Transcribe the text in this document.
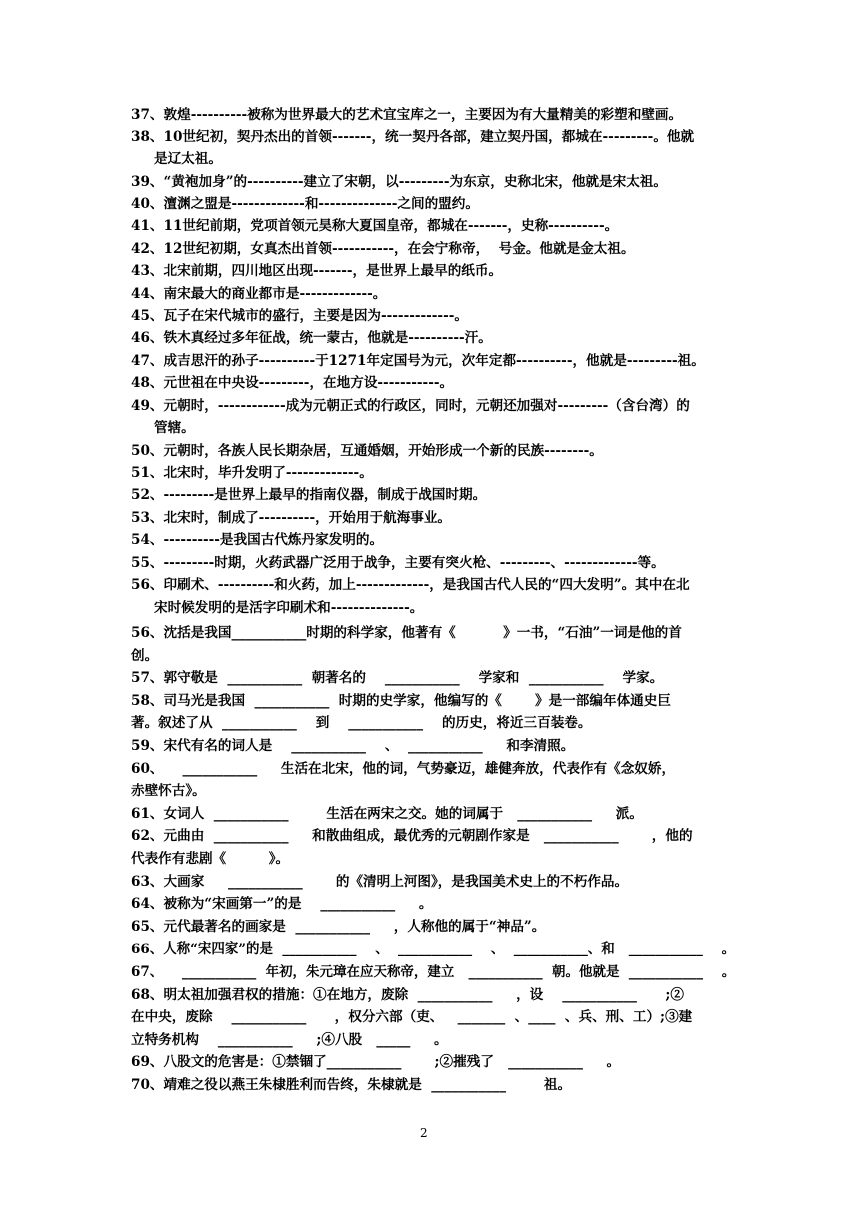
37、敦煌----------被称为世界最大的艺术宜宝库之一，主要因为有大量精美的彩塑和壁画。
38、10世纪初，契丹杰出的首领-------，统一契丹各部，建立契丹国，都城在---------。他就
是辽太祖。
39、“黄袍加身”的----------建立了宋朝，以---------为东京，史称北宋，他就是宋太祖。
40、澶渊之盟是-------------和--------------之间的盟约。
41、11世纪前期，党项首领元昊称大夏国皇帝，都城在-------，史称----------。
42、12世纪初期，女真杰出首领-----------，在会宁称帝，  号金。他就是金太祖。
43、北宋前期，四川地区出现-------，是世界上最早的纸币。
44、南宋最大的商业都市是-------------。
45、瓦子在宋代城市的盛行，主要是因为-------------。
46、铁木真经过多年征战，统一蒙古，他就是----------汗。
47、成吉思汗的孙子----------于1271年定国号为元，次年定都----------，他就是---------祖。
48、元世祖在中央设---------，在地方设-----------。
49、元朝时，------------成为元朝正式的行政区，同时，元朝还加强对---------（含台湾）的
管辖。
50、元朝时，各族人民长期杂居，互通婚姻，开始形成一个新的民族--------。
51、北宋时，毕升发明了-------------。
52、---------是世界上最早的指南仪器，制成于战国时期。
53、北宋时，制成了----------，开始用于航海事业。
54、----------是我国古代炼丹家发明的。
55、---------时期，火药武器广泛用于战争，主要有突火枪、---------、-------------等。
56、印刷术、----------和火药，加上-------------，是我国古代人民的“四大发明”。其中在北
宋时候发明的是活字印刷术和--------------。
56、沈括是我国___________时期的科学家，他著有《          》一书，“石油”一词是他的首
创。
57、郭守敬是  ___________  朝著名的    ___________    学家和  ___________    学家。
58、司马光是我国  ___________  时期的史学家，他编写的《       》是一部编年体通史巨
著。叙述了从  ___________    到    ___________    的历史，将近三百装卷。
59、宋代有名的词人是    ___________    、  ___________     和李清照。
60、    ___________     生活在北宋，他的词，气势豪迈，雄健奔放，代表作有《念奴娇，
赤壁怀古》。
61、女词人  ___________        生活在两宋之交。她的词属于   ___________     派。
62、元曲由  ___________     和散曲组成，最优秀的元朝剧作家是   ___________       ，他的
代表作有悲剧《         》。
63、大画家     ___________       的《清明上河图》，是我国美术史上的不朽作品。
64、被称为“宋画第一”的是    ___________     。
65、元代最著名的画家是  ___________     ，人称他的属于“神品”。
66、人称“宋四家”的是  ___________    、  ___________    、  ___________、和   ___________    。
67、    ___________  年初，朱元璋在应天称帝，建立   ___________  朝。他就是  ___________    。
68、明太祖加强君权的措施：①在地方，废除  ___________     ，设    ___________      ;②
在中央，废除    ___________      ，权分六部（吏、   _______  、____  、兵、刑、工）;③建
立特务机构    ___________     ;④八股   _____     。
69、八股文的危害是：①禁锢了___________       ;②摧残了   ___________     。
70、靖难之役以燕王朱棣胜利而告终，朱棣就是  ___________        祖。
2
